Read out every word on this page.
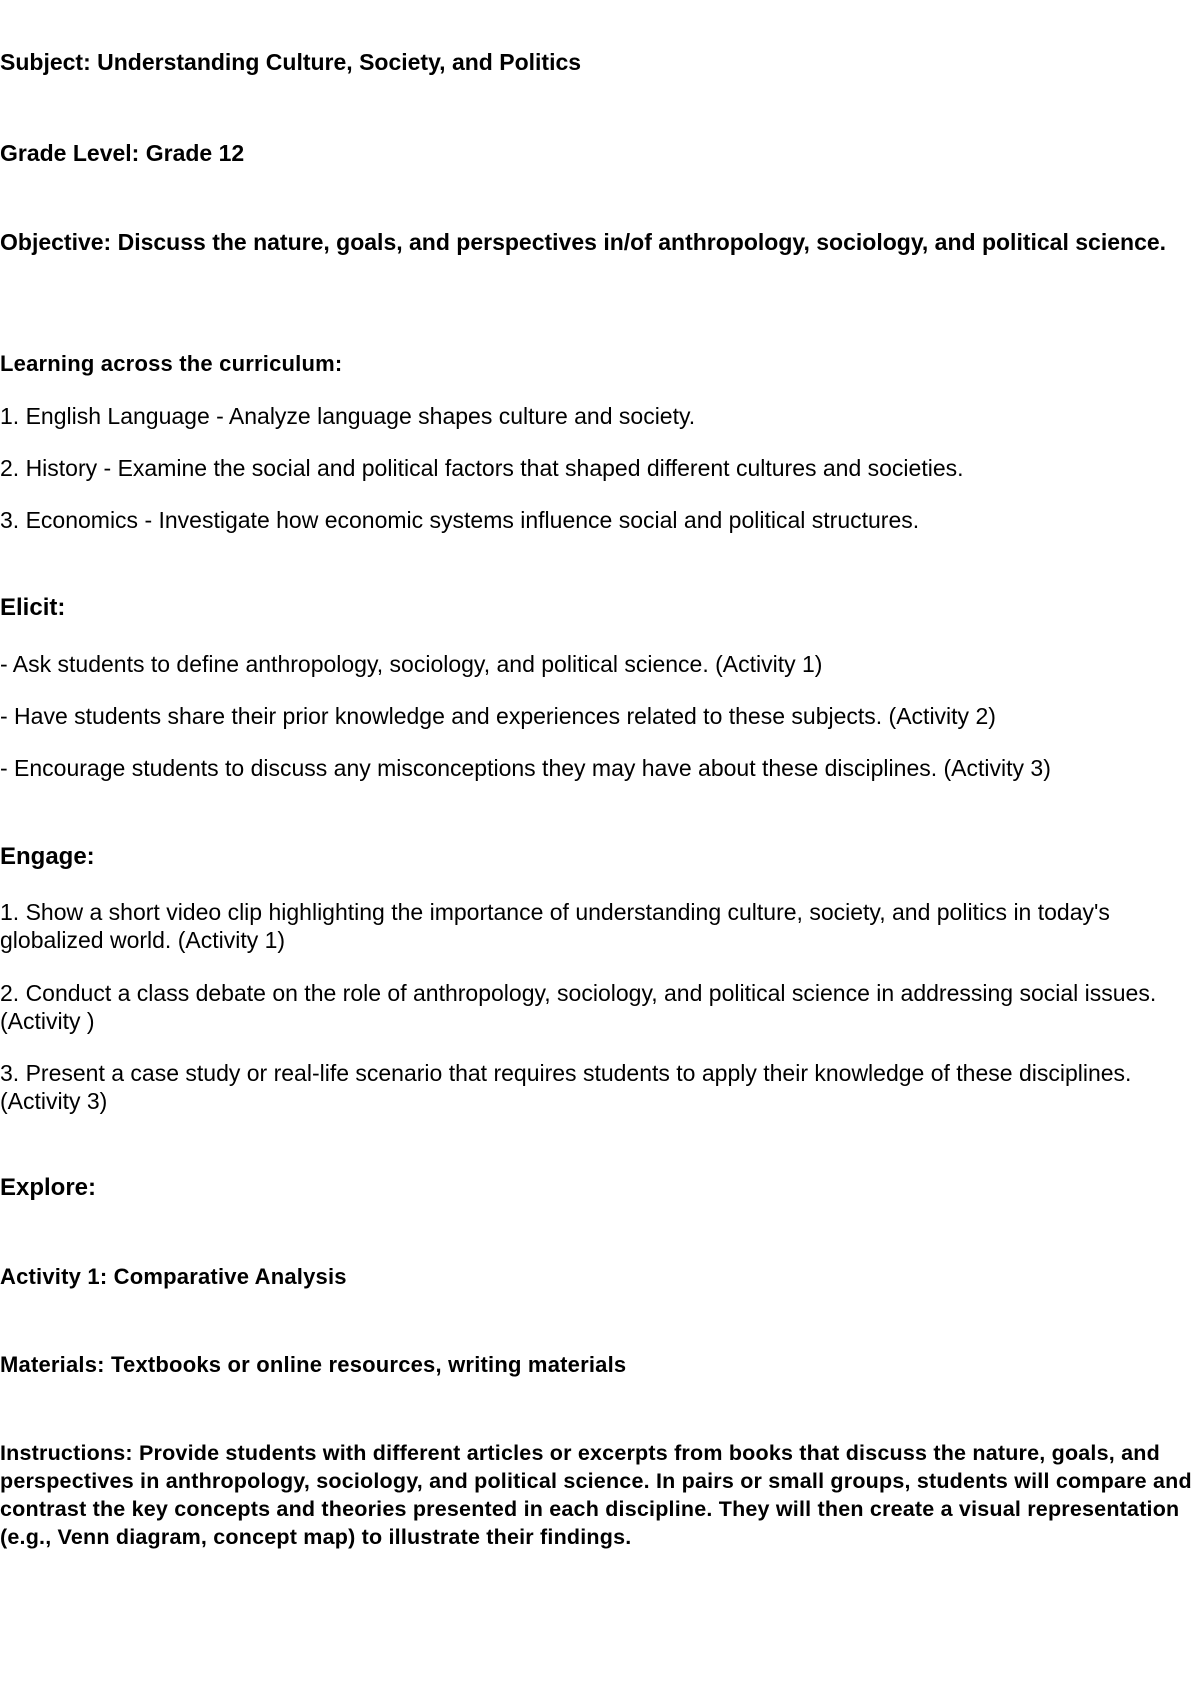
Subject: Understanding Culture, Society, and Politics

Grade Level: Grade 12

Objective: Discuss the nature, goals, and perspectives in/of anthropology, sociology, and political science.

Learning across the curriculum:

1. English Language - Analyze language shapes culture and society.

2. History - Examine the social and political factors that shaped different cultures and societies.

3. Economics - Investigate how economic systems influence social and political structures.

Elicit:

- Ask students to define anthropology, sociology, and political science. (Activity 1)

- Have students share their prior knowledge and experiences related to these subjects. (Activity 2)

- Encourage students to discuss any misconceptions they may have about these disciplines. (Activity 3)

Engage:

1. Show a short video clip highlighting the importance of understanding culture, society, and politics in today's globalized world. (Activity 1)

2. Conduct a class debate on the role of anthropology, sociology, and political science in addressing social issues. (Activity )

3. Present a case study or real-life scenario that requires students to apply their knowledge of these disciplines. (Activity 3)

Explore:

Activity 1: Comparative Analysis

Materials: Textbooks or online resources, writing materials

Instructions: Provide students with different articles or excerpts from books that discuss the nature, goals, and perspectives in anthropology, sociology, and political science. In pairs or small groups, students will compare and contrast the key concepts and theories presented in each discipline. They will then create a visual representation (e.g., Venn diagram, concept map) to illustrate their findings.
